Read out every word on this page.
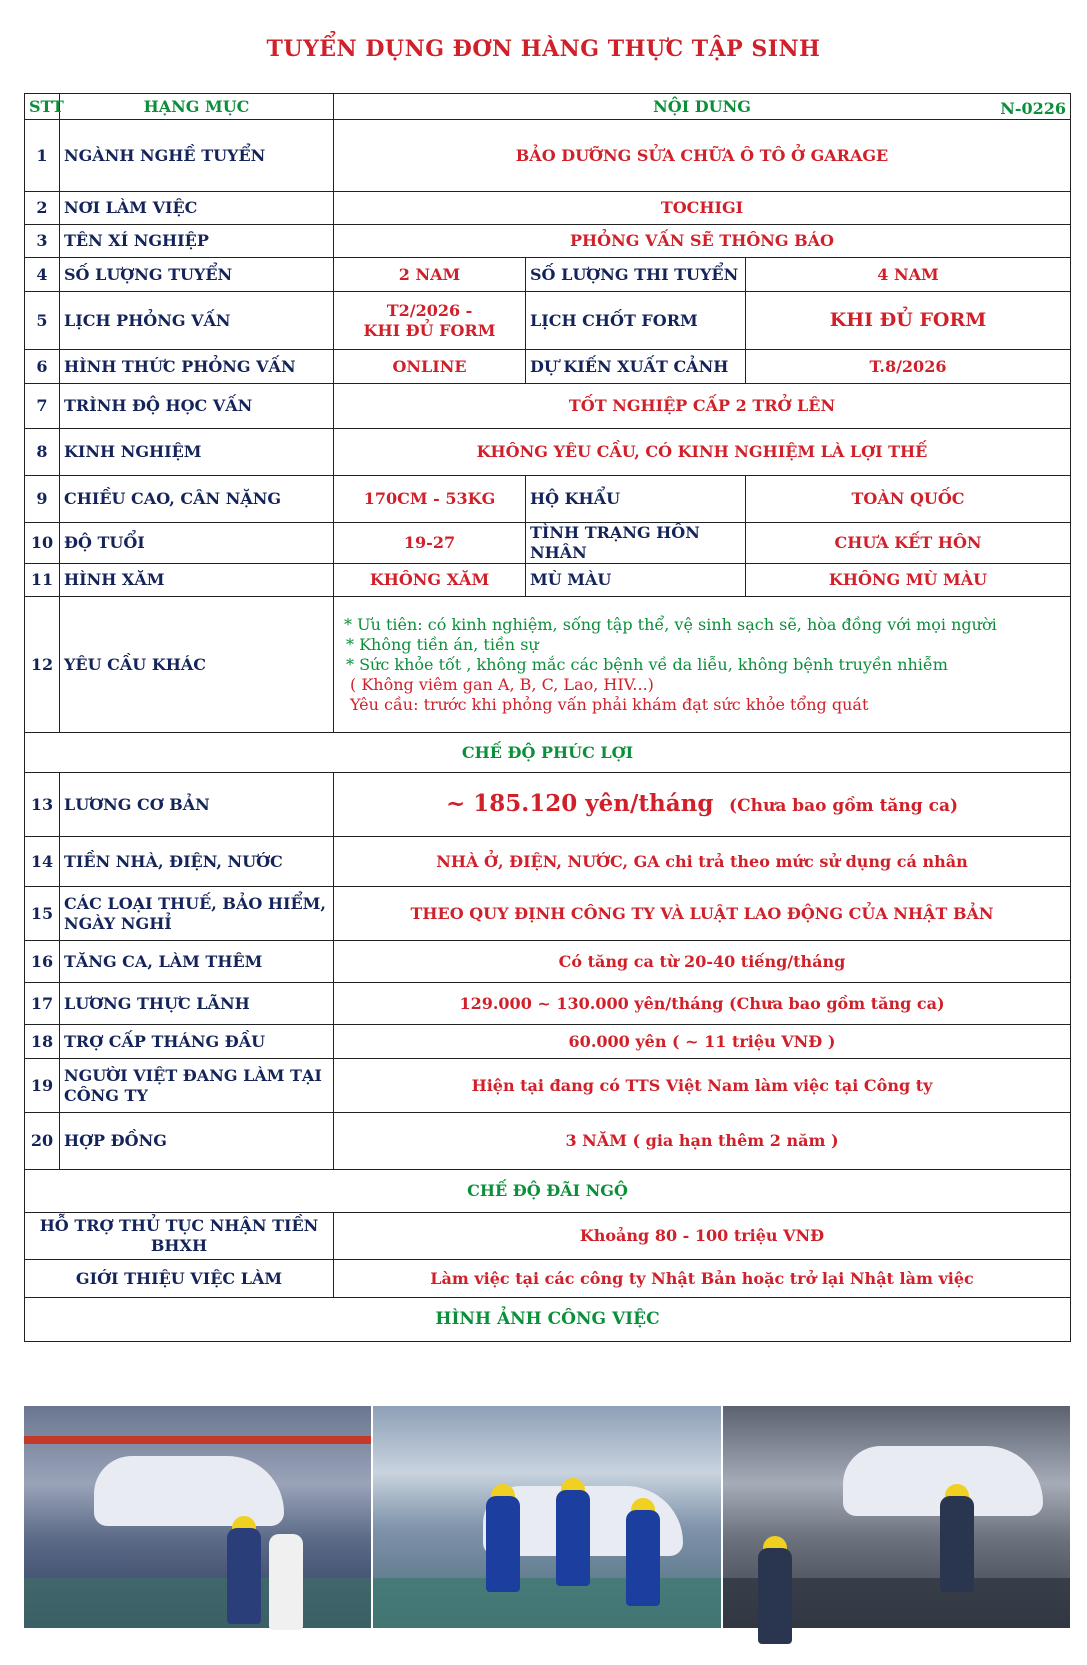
TUYỂN DỤNG ĐƠN HÀNG THỰC TẬP SINH
STT	HẠNG MỤC	NỘI DUNG N-0226		

1	NGÀNH NGHỀ TUYỂN	BẢO DƯỠNG SỬA CHỮA Ô TÔ Ở GARAGE		
2	NƠI LÀM VIỆC	TOCHIGI		
3	TÊN XÍ NGHIỆP	PHỎNG VẤN SẼ THÔNG BÁO		
4	SỐ LƯỢNG TUYỂN	2 NAM	SỐ LƯỢNG THI TUYỂN	4 NAM
5	LỊCH PHỎNG VẤN	T2/2026 -
KHI ĐỦ FORM	LỊCH CHỐT FORM	KHI ĐỦ FORM
6	HÌNH THỨC PHỎNG VẤN	ONLINE	DỰ KIẾN XUẤT CẢNH	T.8/2026
7	TRÌNH ĐỘ HỌC VẤN	TỐT NGHIỆP CẤP 2 TRỞ LÊN		
8	KINH NGHIỆM	KHÔNG YÊU CẦU, CÓ KINH NGHIỆM LÀ LỢI THẾ		
9	CHIỀU CAO, CÂN NẶNG	170CM - 53KG	HỘ KHẨU	TOÀN QUỐC
10	ĐỘ TUỔI	19-27	TÌNH TRẠNG HÔN NHÂN	CHƯA KẾT HÔN
11	HÌNH XĂM	KHÔNG XĂM	MÙ MÀU	KHÔNG MÙ MÀU
12	YÊU CẦU KHÁC	* Ưu tiên: có kinh nghiệm, sống tập thể, vệ sinh sạch sẽ, hòa đồng với mọi người
* Không tiền án, tiền sự
* Sức khỏe tốt , không mắc các bệnh về da liễu, không bệnh truyền nhiễm
( Không viêm gan A, B, C, Lao, HIV...)
Yêu cầu: trước khi phỏng vấn phải khám đạt sức khỏe tổng quát		

CHẾ ĐỘ PHÚC LỢI				
13	LƯƠNG CƠ BẢN	~ 185.120 yên/tháng (Chưa bao gồm tăng ca)		
14	TIỀN NHÀ, ĐIỆN, NƯỚC	NHÀ Ở, ĐIỆN, NƯỚC, GA chi trả theo mức sử dụng cá nhân		
15	CÁC LOẠI THUẾ, BẢO HIỂM, NGÀY NGHỈ	THEO QUY ĐỊNH CÔNG TY VÀ LUẬT LAO ĐỘNG CỦA NHẬT BẢN		
16	TĂNG CA, LÀM THÊM	Có tăng ca từ 20-40 tiếng/tháng		
17	LƯƠNG THỰC LÃNH	129.000 ~ 130.000 yên/tháng (Chưa bao gồm tăng ca)		
18	TRỢ CẤP THÁNG ĐẦU	60.000 yên ( ~ 11 triệu VNĐ )		
19	NGƯỜI VIỆT ĐANG LÀM TẠI CÔNG TY	Hiện tại đang có TTS Việt Nam làm việc tại Công ty		
20	HỢP ĐỒNG	3 NĂM ( gia hạn thêm 2 năm )		
CHẾ ĐỘ ĐÃI NGỘ				
HỖ TRỢ THỦ TỤC NHẬN TIỀN BHXH		Khoảng 80 - 100 triệu VNĐ		
GIỚI THIỆU VIỆC LÀM		Làm việc tại các công ty Nhật Bản hoặc trở lại Nhật làm việc		
HÌNH ẢNH CÔNG VIỆC				
